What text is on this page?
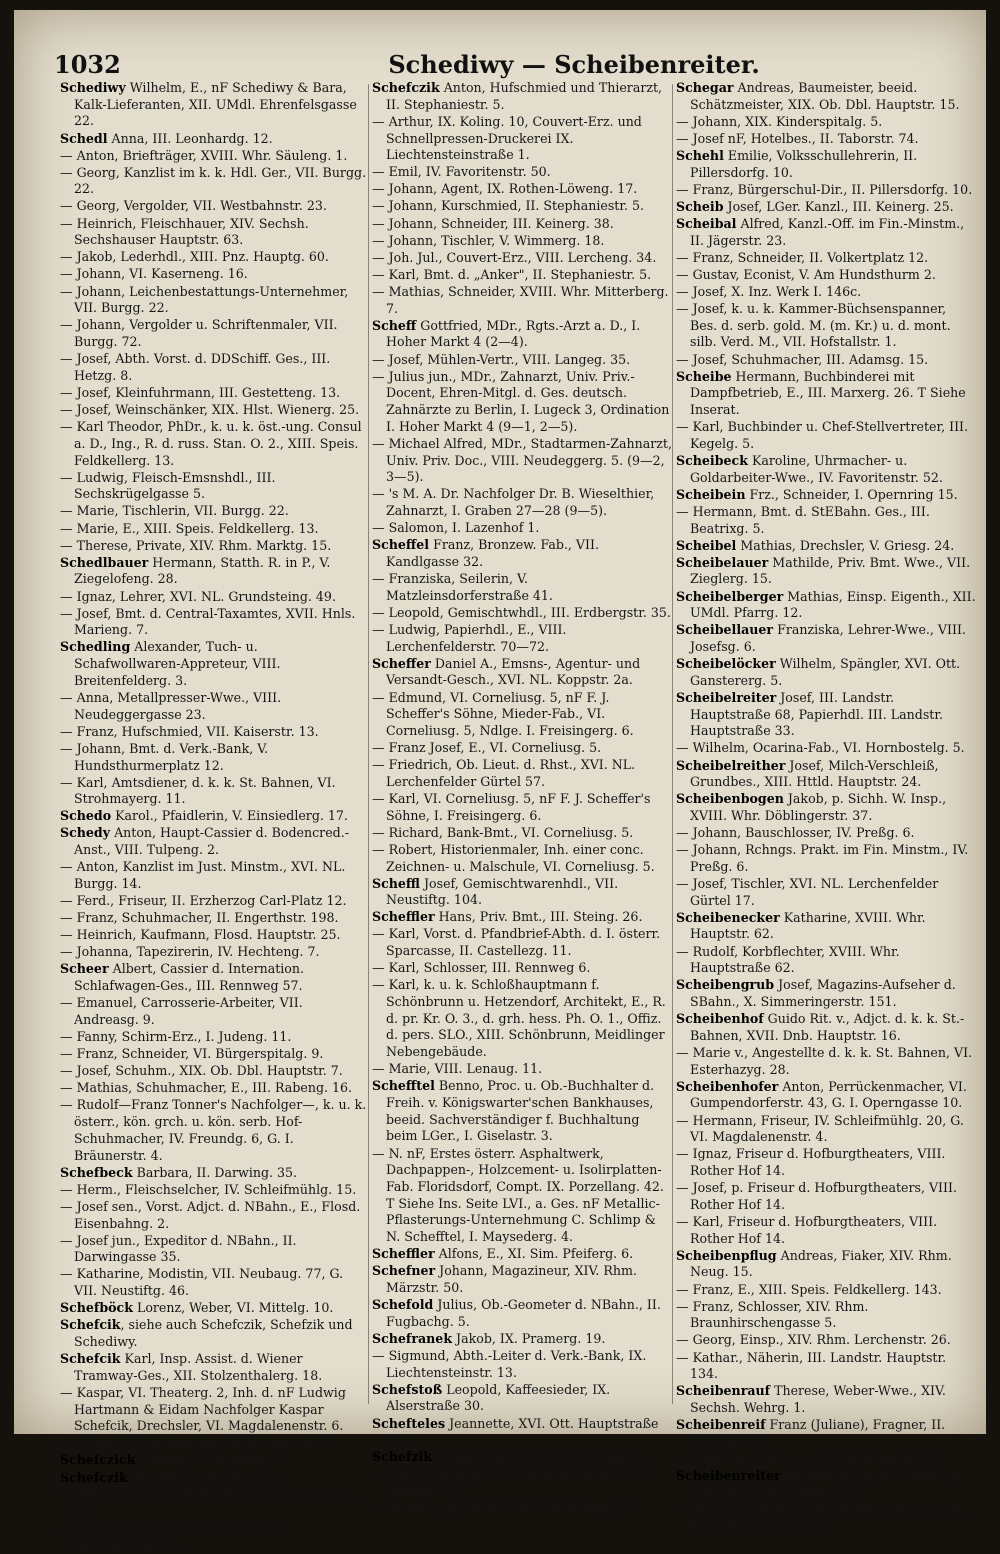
1032	Schediwy — Scheibenreiter.
Schediwy Wilhelm, E., nF Schediwy & Bara, Kalk-Lieferanten, XII. UMdl. Ehrenfelsgasse 22.
Schedl Anna, III. Leonhardg. 12.
— Anton, Briefträger, XVIII. Whr. Säuleng. 1.
— Georg, Kanzlist im k. k. Hdl. Ger., VII. Burgg. 22.
— Georg, Vergolder, VII. Westbahnstr. 23.
— Heinrich, Fleischhauer, XIV. Sechsh. Sechshauser Hauptstr. 63.
— Jakob, Lederhdl., XIII. Pnz. Hauptg. 60.
— Johann, VI. Kaserneng. 16.
— Johann, Leichenbestattungs-Unternehmer, VII. Burgg. 22.
— Johann, Vergolder u. Schriftenmaler, VII. Burgg. 72.
— Josef, Abth. Vorst. d. DDSchiff. Ges., III. Hetzg. 8.
— Josef, Kleinfuhrmann, III. Gestetteng. 13.
— Josef, Weinschänker, XIX. Hlst. Wienerg. 25.
— Karl Theodor, PhDr., k. u. k. öst.-ung. Consul a. D., Ing., R. d. russ. Stan. O. 2., XIII. Speis. Feldkellerg. 13.
— Ludwig, Fleisch-Emsnshdl., III. Sechskrügelgasse 5.
— Marie, Tischlerin, VII. Burgg. 22.
— Marie, E., XIII. Speis. Feldkellerg. 13.
— Therese, Private, XIV. Rhm. Marktg. 15.
Schedlbauer Hermann, Statth. R. in P., V. Ziegelofeng. 28.
— Ignaz, Lehrer, XVI. NL. Grundsteing. 49.
— Josef, Bmt. d. Central-Taxamtes, XVII. Hnls. Marieng. 7.
Schedling Alexander, Tuch- u. Schafwollwaren-Appreteur, VIII. Breitenfelderg. 3.
— Anna, Metallpresser-Wwe., VIII. Neudeggergasse 23.
— Franz, Hufschmied, VII. Kaiserstr. 13.
— Johann, Bmt. d. Verk.-Bank, V. Hundsthurmerplatz 12.
— Karl, Amtsdiener, d. k. k. St. Bahnen, VI. Strohmayerg. 11.
Schedo Karol., Pfaidlerin, V. Einsiedlerg. 17.
Schedy Anton, Haupt-Cassier d. Bodencred.-Anst., VIII. Tulpeng. 2.
— Anton, Kanzlist im Just. Minstm., XVI. NL. Burgg. 14.
— Ferd., Friseur, II. Erzherzog Carl-Platz 12.
— Franz, Schuhmacher, II. Engerthstr. 198.
— Heinrich, Kaufmann, Flosd. Hauptstr. 25.
— Johanna, Tapezirerin, IV. Hechteng. 7.
Scheer Albert, Cassier d. Internation. Schlafwagen-Ges., III. Rennweg 57.
— Emanuel, Carrosserie-Arbeiter, VII. Andreasg. 9.
— Fanny, Schirm-Erz., I. Judeng. 11.
— Franz, Schneider, VI. Bürgerspitalg. 9.
— Josef, Schuhm., XIX. Ob. Dbl. Hauptstr. 7.
— Mathias, Schuhmacher, E., III. Rabeng. 16.
— Rudolf—Franz Tonner's Nachfolger—, k. u. k. österr., kön. grch. u. kön. serb. Hof-Schuhmacher, IV. Freundg. 6, G. I. Bräunerstr. 4.
Schefbeck Barbara, II. Darwing. 35.
— Herm., Fleischselcher, IV. Schleifmühlg. 15.
— Josef sen., Vorst. Adjct. d. NBahn., E., Flosd. Eisenbahng. 2.
— Josef jun., Expeditor d. NBahn., II. Darwingasse 35.
— Katharine, Modistin, VII. Neubaug. 77, G. VII. Neustiftg. 46.
Schefböck Lorenz, Weber, VI. Mittelg. 10.
Schefcik, siehe auch Schefczik, Schefzik und Schediwy.
Schefcik Karl, Insp. Assist. d. Wiener Tramway-Ges., XII. Stolzenthalerg. 18.
— Kaspar, VI. Theaterg. 2, Inh. d. nF Ludwig Hartmann & Eidam Nachfolger Kaspar Schefcik, Drechsler, VI. Magdalenenstr. 6.
— Wenzel, Schuhmacher, III. Reisnerstr. 2.
Schefczick Johann, VI. Aegidig. 5.
Schefczik Amanda, I. Stadiong. 5.
— Anton, Ob. Insp. d. NBahn., II. Pillersdorfg. 5.
— Anton, Briefträger, XII. Ob. Mdl. Bischofgasse 14.
Schefczik Anton, Hufschmied und Thierarzt, II. Stephaniestr. 5.
— Arthur, IX. Koling. 10, Couvert-Erz. und Schnellpressen-Druckerei IX. Liechtensteinstraße 1.
— Emil, IV. Favoritenstr. 50.
— Johann, Agent, IX. Rothen-Löweng. 17.
— Johann, Kurschmied, II. Stephaniestr. 5.
— Johann, Schneider, III. Keinerg. 38.
— Johann, Tischler, V. Wimmerg. 18.
— Joh. Jul., Couvert-Erz., VIII. Lercheng. 34.
— Karl, Bmt. d. „Anker", II. Stephaniestr. 5.
— Mathias, Schneider, XVIII. Whr. Mitterberg. 7.
Scheff Gottfried, MDr., Rgts.-Arzt a. D., I. Hoher Markt 4 (2—4).
— Josef, Mühlen-Vertr., VIII. Langeg. 35.
— Julius jun., MDr., Zahnarzt, Univ. Priv.-Docent, Ehren-Mitgl. d. Ges. deutsch. Zahnärzte zu Berlin, I. Lugeck 3, Ordination I. Hoher Markt 4 (9—1, 2—5).
— Michael Alfred, MDr., Stadtarmen-Zahnarzt, Univ. Priv. Doc., VIII. Neudeggerg. 5. (9—2, 3—5).
— 's M. A. Dr. Nachfolger Dr. B. Wieselthier, Zahnarzt, I. Graben 27—28 (9—5).
— Salomon, I. Lazenhof 1.
Scheffel Franz, Bronzew. Fab., VII. Kandlgasse 32.
— Franziska, Seilerin, V. Matzleinsdorferstraße 41.
— Leopold, Gemischtwhdl., III. Erdbergstr. 35.
— Ludwig, Papierhdl., E., VIII. Lerchenfelderstr. 70—72.
Scheffer Daniel A., Emsns-, Agentur- und Versandt-Gesch., XVI. NL. Koppstr. 2a.
— Edmund, VI. Corneliusg. 5, nF F. J. Scheffer's Söhne, Mieder-Fab., VI. Corneliusg. 5, Ndlge. I. Freisingerg. 6.
— Franz Josef, E., VI. Corneliusg. 5.
— Friedrich, Ob. Lieut. d. Rhst., XVI. NL. Lerchenfelder Gürtel 57.
— Karl, VI. Corneliusg. 5, nF F. J. Scheffer's Söhne, I. Freisingerg. 6.
— Richard, Bank-Bmt., VI. Corneliusg. 5.
— Robert, Historienmaler, Inh. einer conc. Zeichnen- u. Malschule, VI. Corneliusg. 5.
Scheffl Josef, Gemischtwarenhdl., VII. Neustiftg. 104.
Scheffler Hans, Priv. Bmt., III. Steing. 26.
— Karl, Vorst. d. Pfandbrief-Abth. d. I. österr. Sparcasse, II. Castellezg. 11.
— Karl, Schlosser, III. Rennweg 6.
— Karl, k. u. k. Schloßhauptmann f. Schönbrunn u. Hetzendorf, Architekt, E., R. d. pr. Kr. O. 3., d. grh. hess. Ph. O. 1., Offiz. d. pers. SLO., XIII. Schönbrunn, Meidlinger Nebengebäude.
— Marie, VIII. Lenaug. 11.
Schefftel Benno, Proc. u. Ob.-Buchhalter d. Freih. v. Königswarter'schen Bankhauses, beeid. Sachverständiger f. Buchhaltung beim LGer., I. Giselastr. 3.
— N. nF, Erstes österr. Asphaltwerk, Dachpappen-, Holzcement- u. Isolirplatten-Fab. Floridsdorf, Compt. IX. Porzellang. 42. T Siehe Ins. Seite LVI., a. Ges. nF Metallic-Pflasterungs-Unternehmung C. Schlimp & N. Schefftel, I. Maysederg. 4.
Scheffler Alfons, E., XI. Sim. Pfeiferg. 6.
Schefner Johann, Magazineur, XIV. Rhm. Märzstr. 50.
Schefold Julius, Ob.-Geometer d. NBahn., II. Fugbachg. 5.
Schefranek Jakob, IX. Pramerg. 19.
— Sigmund, Abth.-Leiter d. Verk.-Bank, IX. Liechtensteinstr. 13.
Schefstoß Leopold, Kaffeesieder, IX. Alserstraße 30.
Schefteles Jeannette, XVI. Ott. Hauptstraße 37.
Schefzik Franz, Graveur, VIII. Strozzig. 9.
— Johann, Rchngs. Off. im Hdl. Minstm., IX. Spitalg. 25.
— Thomas, E., XIII. U. St. V. Kirchang. 5.
Schegar Andreas, Baumeister, beeid. Schätzmeister, XIX. Ob. Dbl. Hauptstr. 15.
— Johann, XIX. Kinderspitalg. 5.
— Josef nF, Hotelbes., II. Taborstr. 74.
Schehl Emilie, Volksschullehrerin, II. Pillersdorfg. 10.
— Franz, Bürgerschul-Dir., II. Pillersdorfg. 10.
Scheib Josef, LGer. Kanzl., III. Keinerg. 25.
Scheibal Alfred, Kanzl.-Off. im Fin.-Minstm., II. Jägerstr. 23.
— Franz, Schneider, II. Volkertplatz 12.
— Gustav, Econist, V. Am Hundsthurm 2.
— Josef, X. Inz. Werk I. 146c.
— Josef, k. u. k. Kammer-Büchsenspanner, Bes. d. serb. gold. M. (m. Kr.) u. d. mont. silb. Verd. M., VII. Hofstallstr. 1.
— Josef, Schuhmacher, III. Adamsg. 15.
Scheibe Hermann, Buchbinderei mit Dampfbetrieb, E., III. Marxerg. 26. T Siehe Inserat.
— Karl, Buchbinder u. Chef-Stellvertreter, III. Kegelg. 5.
Scheibeck Karoline, Uhrmacher- u. Goldarbeiter-Wwe., IV. Favoritenstr. 52.
Scheibein Frz., Schneider, I. Opernring 15.
— Hermann, Bmt. d. StEBahn. Ges., III. Beatrixg. 5.
Scheibel Mathias, Drechsler, V. Griesg. 24.
Scheibelauer Mathilde, Priv. Bmt. Wwe., VII. Zieglerg. 15.
Scheibelberger Mathias, Einsp. Eigenth., XII. UMdl. Pfarrg. 12.
Scheibellauer Franziska, Lehrer-Wwe., VIII. Josefsg. 6.
Scheibelöcker Wilhelm, Spängler, XVI. Ott. Ganstererg. 5.
Scheibelreiter Josef, III. Landstr. Hauptstraße 68, Papierhdl. III. Landstr. Hauptstraße 33.
— Wilhelm, Ocarina-Fab., VI. Hornbostelg. 5.
Scheibelreither Josef, Milch-Verschleiß, Grundbes., XIII. Httld. Hauptstr. 24.
Scheibenbogen Jakob, p. Sichh. W. Insp., XVIII. Whr. Döblingerstr. 37.
— Johann, Bauschlosser, IV. Preßg. 6.
— Johann, Rchngs. Prakt. im Fin. Minstm., IV. Preßg. 6.
— Josef, Tischler, XVI. NL. Lerchenfelder Gürtel 17.
Scheibenecker Katharine, XVIII. Whr. Hauptstr. 62.
— Rudolf, Korbflechter, XVIII. Whr. Hauptstraße 62.
Scheibengrub Josef, Magazins-Aufseher d. SBahn., X. Simmeringerstr. 151.
Scheibenhof Guido Rit. v., Adjct. d. k. k. St.-Bahnen, XVII. Dnb. Hauptstr. 16.
— Marie v., Angestellte d. k. k. St. Bahnen, VI. Esterhazyg. 28.
Scheibenhofer Anton, Perrückenmacher, VI. Gumpendorferstr. 43, G. I. Operngasse 10.
— Hermann, Friseur, IV. Schleifmühlg. 20, G. VI. Magdalenenstr. 4.
— Ignaz, Friseur d. Hofburgtheaters, VIII. Rother Hof 14.
— Josef, p. Friseur d. Hofburgtheaters, VIII. Rother Hof 14.
— Karl, Friseur d. Hofburgtheaters, VIII. Rother Hof 14.
Scheibenpflug Andreas, Fiaker, XIV. Rhm. Neug. 15.
— Franz, E., XIII. Speis. Feldkellerg. 143.
— Franz, Schlosser, XIV. Rhm. Braunhirschengasse 5.
— Georg, Einsp., XIV. Rhm. Lerchenstr. 26.
— Kathar., Näherin, III. Landstr. Hauptstr. 134.
Scheibenrauf Therese, Weber-Wwe., XIV. Sechsh. Wehrg. 1.
Scheibenreif Franz (Juliane), Fragner, II. Treustr. 16.
— Wilhelm, Schlosser, III. Erdbergstr. 45.
Scheibenreiter Eduard, Bürgerschullehrer, XVII. Hnls. Helblingg. 15.
— Hermann, Poliz. Conc. Prakt., XIV. Sechsh. Rauchfangkehrerg. 6.
